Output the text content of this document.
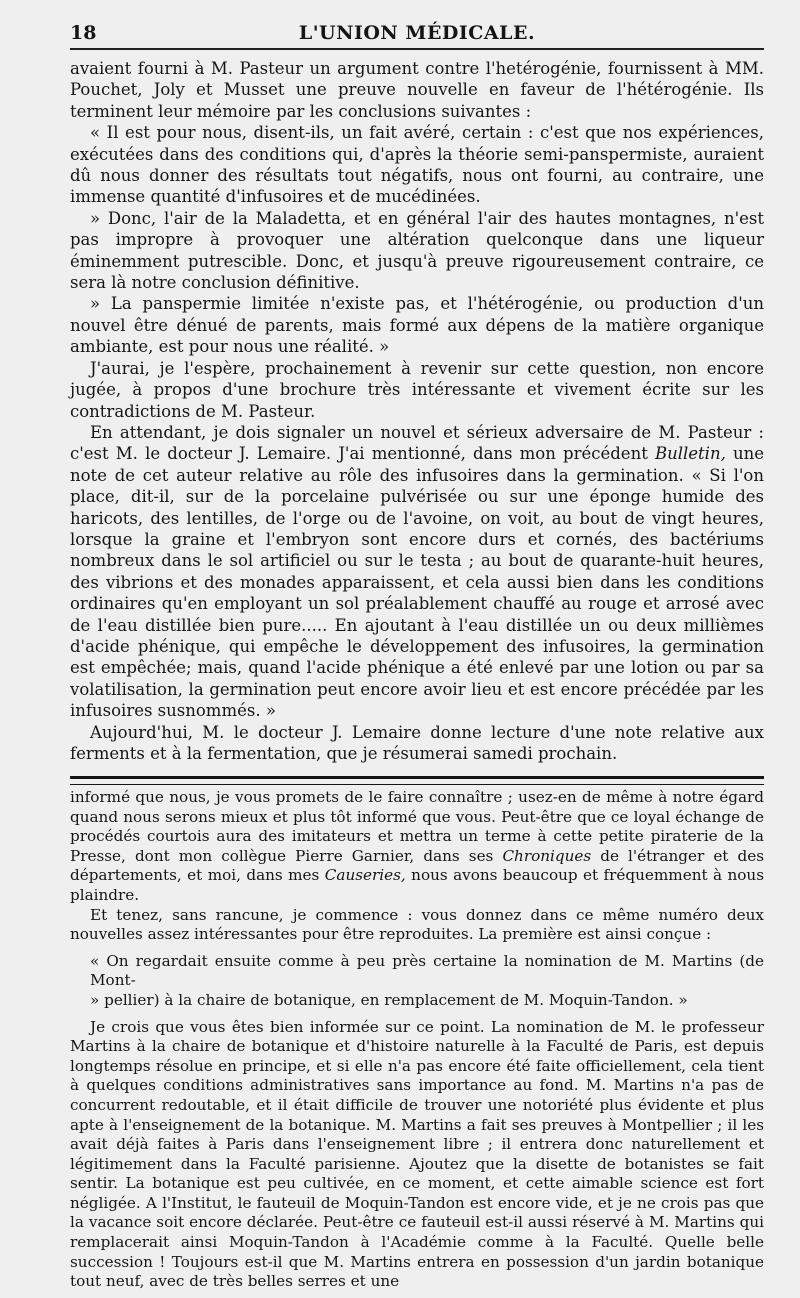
18	L'UNION MÉDICALE.

avaient fourni à M. Pasteur un argument contre l'hetérogénie, fournissent à MM. Pouchet, Joly et Musset une preuve nouvelle en faveur de l'hétérogénie. Ils terminent leur mémoire par les conclusions suivantes :

« Il est pour nous, disent-ils, un fait avéré, certain : c'est que nos expériences, exécutées dans des conditions qui, d'après la théorie semi-panspermiste, auraient dû nous donner des résultats tout négatifs, nous ont fourni, au contraire, une immense quantité d'infusoires et de mucédinées.

» Donc, l'air de la Maladetta, et en général l'air des hautes montagnes, n'est pas impropre à provoquer une altération quelconque dans une liqueur éminemment putrescible. Donc, et jusqu'à preuve rigoureusement contraire, ce sera là notre conclusion définitive.

» La panspermie limitée n'existe pas, et l'hétérogénie, ou production d'un nouvel être dénué de parents, mais formé aux dépens de la matière organique ambiante, est pour nous une réalité. »

J'aurai, je l'espère, prochainement à revenir sur cette question, non encore jugée, à propos d'une brochure très intéressante et vivement écrite sur les contradictions de M. Pasteur.

En attendant, je dois signaler un nouvel et sérieux adversaire de M. Pasteur : c'est M. le docteur J. Lemaire. J'ai mentionné, dans mon précédent Bulletin, une note de cet auteur relative au rôle des infusoires dans la germination. « Si l'on place, dit-il, sur de la porcelaine pulvérisée ou sur une éponge humide des haricots, des lentilles, de l'orge ou de l'avoine, on voit, au bout de vingt heures, lorsque la graine et l'embryon sont encore durs et cornés, des bactériums nombreux dans le sol artificiel ou sur le testa ; au bout de quarante-huit heures, des vibrions et des monades apparaissent, et cela aussi bien dans les conditions ordinaires qu'en employant un sol préalablement chauffé au rouge et arrosé avec de l'eau distillée bien pure..... En ajoutant à l'eau distillée un ou deux millièmes d'acide phénique, qui empêche le développement des infusoires, la germination est empêchée; mais, quand l'acide phénique a été enlevé par une lotion ou par sa volatilisation, la germination peut encore avoir lieu et est encore précédée par les infusoires susnommés. »

Aujourd'hui, M. le docteur J. Lemaire donne lecture d'une note relative aux ferments et à la fermentation, que je résumerai samedi prochain.

informé que nous, je vous promets de le faire connaître ; usez-en de même à notre égard quand nous serons mieux et plus tôt informé que vous. Peut-être que ce loyal échange de procédés courtois aura des imitateurs et mettra un terme à cette petite piraterie de la Presse, dont mon collègue Pierre Garnier, dans ses Chroniques de l'étranger et des départements, et moi, dans mes Causeries, nous avons beaucoup et fréquemment à nous plaindre.

Et tenez, sans rancune, je commence : vous donnez dans ce même numéro deux nouvelles assez intéressantes pour être reproduites. La première est ainsi conçue :

« On regardait ensuite comme à peu près certaine la nomination de M. Martins (de Mont-
» pellier) à la chaire de botanique, en remplacement de M. Moquin-Tandon. »

Je crois que vous êtes bien informée sur ce point. La nomination de M. le professeur Martins à la chaire de botanique et d'histoire naturelle à la Faculté de Paris, est depuis longtemps résolue en principe, et si elle n'a pas encore été faite officiellement, cela tient à quelques conditions administratives sans importance au fond. M. Martins n'a pas de concurrent redoutable, et il était difficile de trouver une notoriété plus évidente et plus apte à l'enseignement de la botanique. M. Martins a fait ses preuves à Montpellier ; il les avait déjà faites à Paris dans l'enseignement libre ; il entrera donc naturellement et légitimement dans la Faculté parisienne. Ajoutez que la disette de botanistes se fait sentir. La botanique est peu cultivée, en ce moment, et cette aimable science est fort négligée. A l'Institut, le fauteuil de Moquin-Tandon est encore vide, et je ne crois pas que la vacance soit encore déclarée. Peut-être ce fauteuil est-il aussi réservé à M. Martins qui remplacerait ainsi Moquin-Tandon à l'Académie comme à la Faculté. Quelle belle succession ! Toujours est-il que M. Martins entrera en possession d'un jardin botanique tout neuf, avec de très belles serres et une
